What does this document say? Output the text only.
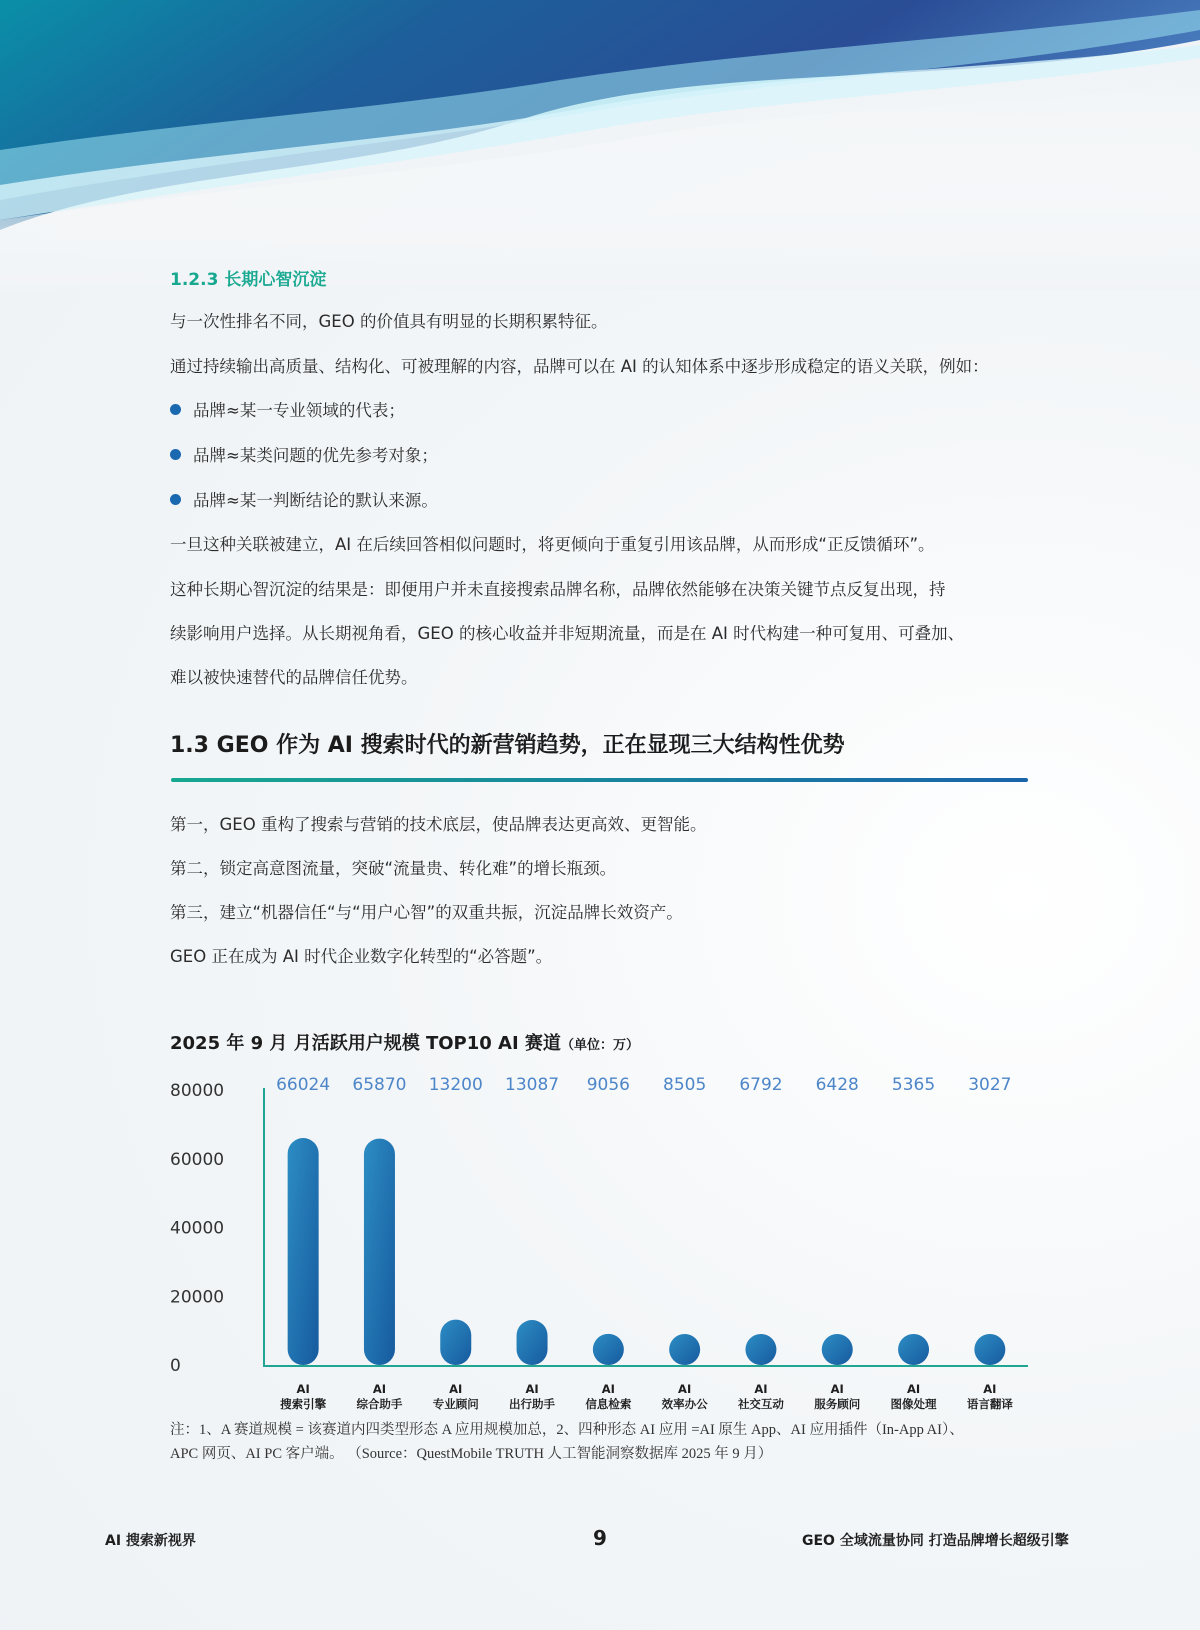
1.2.3 长期心智沉淀
与一次性排名不同，GEO 的价值具有明显的长期积累特征。
通过持续输出高质量、结构化、可被理解的内容，品牌可以在 AI 的认知体系中逐步形成稳定的语义关联，例如：
品牌≈某一专业领域的代表；
品牌≈某类问题的优先参考对象；
品牌≈某一判断结论的默认来源。
一旦这种关联被建立，AI 在后续回答相似问题时，将更倾向于重复引用该品牌，从而形成“正反馈循环”。
这种长期心智沉淀的结果是：即便用户并未直接搜索品牌名称，品牌依然能够在决策关键节点反复出现，持
续影响用户选择。从长期视角看，GEO 的核心收益并非短期流量，而是在 AI 时代构建一种可复用、可叠加、
难以被快速替代的品牌信任优势。
1.3 GEO 作为 AI 搜索时代的新营销趋势，正在显现三大结构性优势
第一，GEO 重构了搜索与营销的技术底层，使品牌表达更高效、更智能。
第二，锁定高意图流量，突破“流量贵、转化难”的增长瓶颈。
第三，建立“机器信任“与“用户心智”的双重共振，沉淀品牌长效资产。
GEO 正在成为 AI 时代企业数字化转型的“必答题”。
2025 年 9 月 月活跃用户规模 TOP10 AI 赛道（单位：万）
0
20000
40000
60000
80000	66024
AI
搜索引擎
65870
AI
综合助手
13200
AI
专业顾问
13087
AI
出行助手
9056
AI
信息检索
8505
AI
效率办公
6792
AI
社交互动
6428
AI
服务顾问
5365
AI
图像处理
3027
AI
语言翻译
注：1、A 赛道规模 = 该赛道内四类型形态 A 应用规模加总，2、四种形态 AI 应用 =AI 原生 App、AI 应用插件（In-App AI）、
APC 网页、AI PC 客户端。 （Source：QuestMobile TRUTH 人工智能洞察数据库 2025 年 9 月）
AI 搜索新视界	9	GEO 全域流量协同 打造品牌增长超级引擎
